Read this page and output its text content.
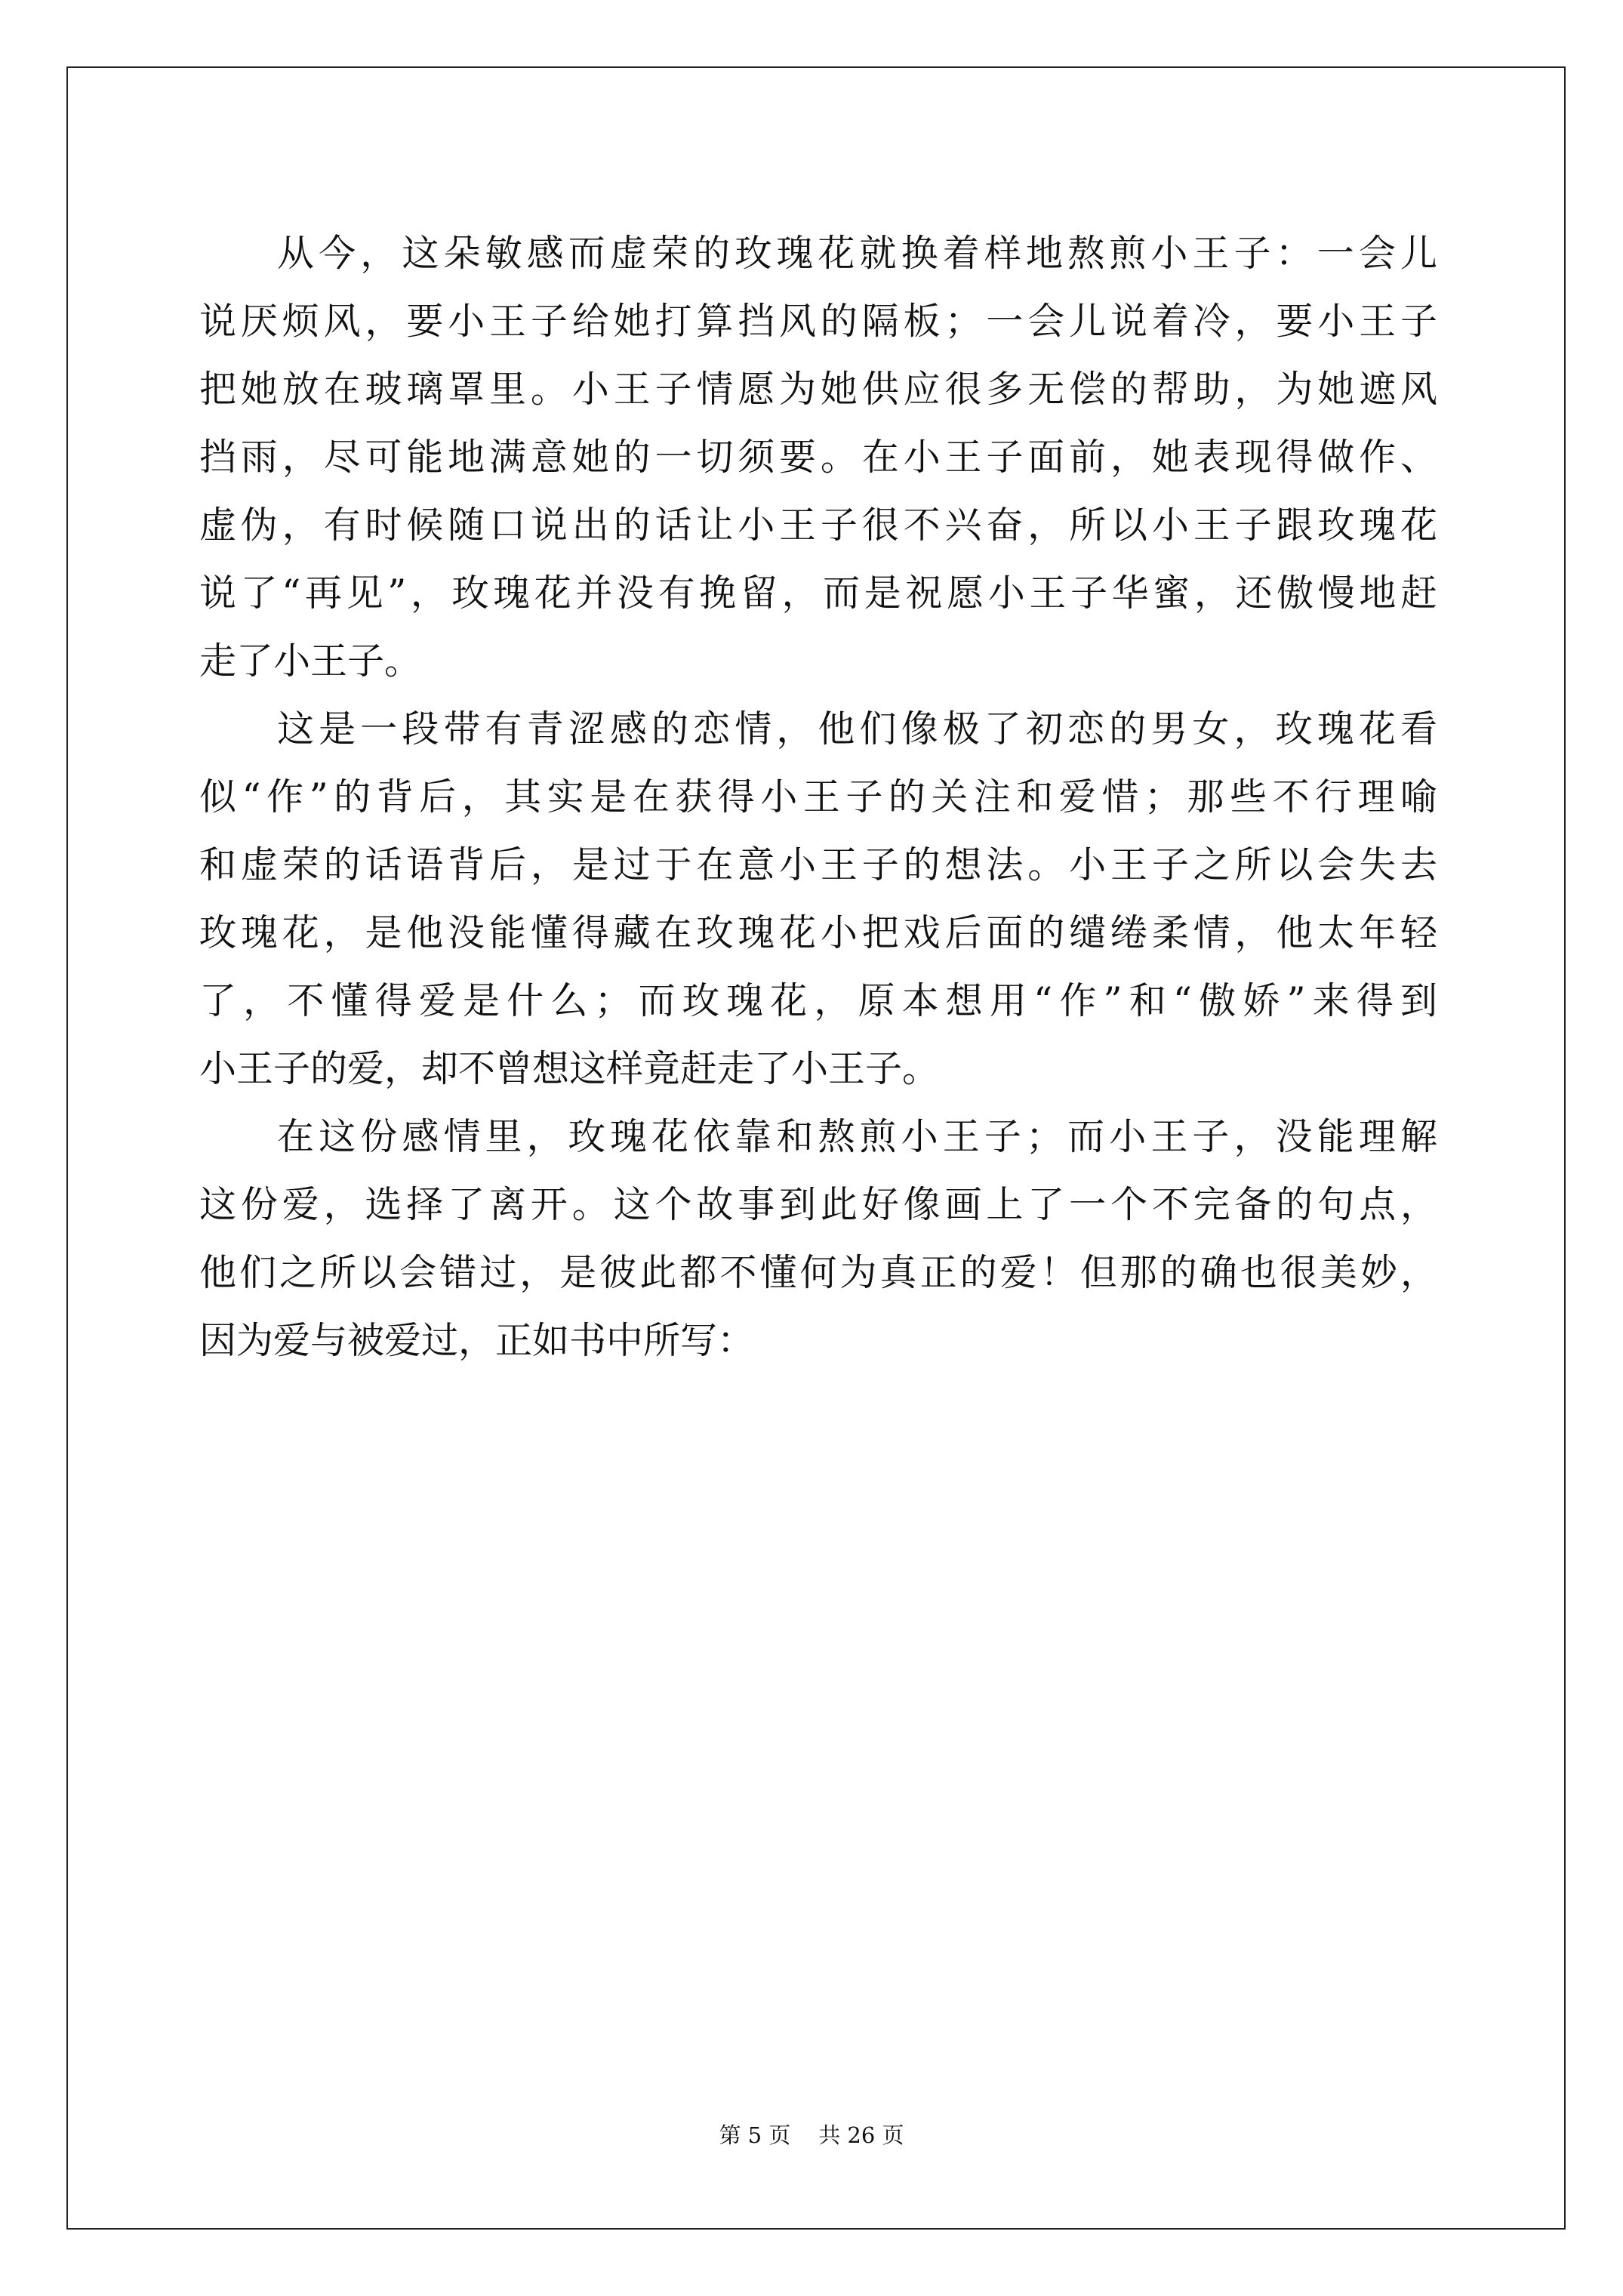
从今，这朵敏感而虚荣的玫瑰花就换着样地熬煎小王子：一会儿
说厌烦风，要小王子给她打算挡风的隔板；一会儿说着冷，要小王子
把她放在玻璃罩里。小王子情愿为她供应很多无偿的帮助，为她遮风
挡雨，尽可能地满意她的一切须要。在小王子面前，她表现得做作、
虚伪，有时候随口说出的话让小王子很不兴奋，所以小王子跟玫瑰花
说了“再见”，玫瑰花并没有挽留，而是祝愿小王子华蜜，还傲慢地赶
走了小王子。
这是一段带有青涩感的恋情，他们像极了初恋的男女，玫瑰花看
似“作”的背后，其实是在获得小王子的关注和爱惜；那些不行理喻
和虚荣的话语背后，是过于在意小王子的想法。小王子之所以会失去
玫瑰花，是他没能懂得藏在玫瑰花小把戏后面的缱绻柔情，他太年轻
了，不懂得爱是什么；而玫瑰花，原本想用“作”和“傲娇”来得到
小王子的爱，却不曾想这样竟赶走了小王子。
在这份感情里，玫瑰花依靠和熬煎小王子；而小王子，没能理解
这份爱，选择了离开。这个故事到此好像画上了一个不完备的句点，
他们之所以会错过，是彼此都不懂何为真正的爱！但那的确也很美妙，
因为爱与被爱过，正如书中所写：
第 5 页    共 26 页
